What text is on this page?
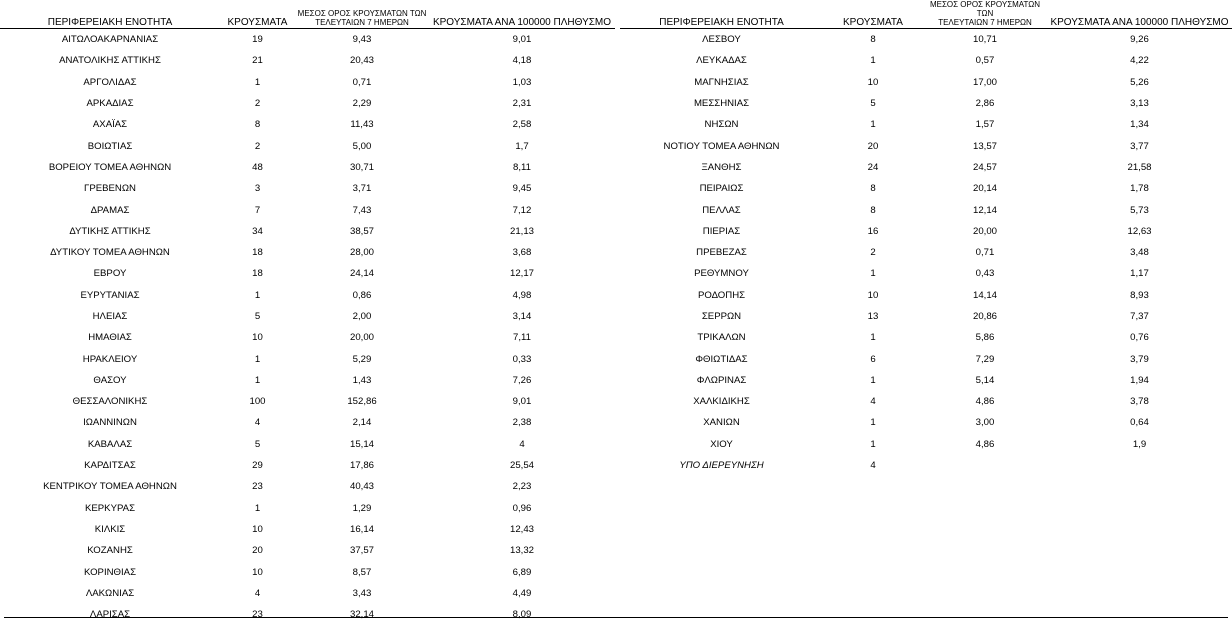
ΠΕΡΙΦΕΡΕΙΑΚΗ ΕΝΟΤΗΤΑ	ΚΡΟΥΣΜΑΤΑ	ΜΕΣΟΣ ΟΡΟΣ ΚΡΟΥΣΜΑΤΩΝ ΤΩΝ
ΤΕΛΕΥΤΑΙΩΝ 7 ΗΜΕΡΩΝ	ΚΡΟΥΣΜΑΤΑ ΑΝΑ 100000 ΠΛΗΘΥΣΜΟ
ΑΙΤΩΛΟΑΚΑΡΝΑΝΙΑΣ	19	9,43	9,01
ΑΝΑΤΟΛΙΚΗΣ ΑΤΤΙΚΗΣ	21	20,43	4,18
ΑΡΓΟΛΙΔΑΣ	1	0,71	1,03
ΑΡΚΑΔΙΑΣ	2	2,29	2,31
ΑΧΑΪΑΣ	8	11,43	2,58
ΒΟΙΩΤΙΑΣ	2	5,00	1,7
ΒΟΡΕΙΟΥ ΤΟΜΕΑ ΑΘΗΝΩΝ	48	30,71	8,11
ΓΡΕΒΕΝΩΝ	3	3,71	9,45
ΔΡΑΜΑΣ	7	7,43	7,12
ΔΥΤΙΚΗΣ ΑΤΤΙΚΗΣ	34	38,57	21,13
ΔΥΤΙΚΟΥ ΤΟΜΕΑ ΑΘΗΝΩΝ	18	28,00	3,68
ΕΒΡΟΥ	18	24,14	12,17
ΕΥΡΥΤΑΝΙΑΣ	1	0,86	4,98
ΗΛΕΙΑΣ	5	2,00	3,14
ΗΜΑΘΙΑΣ	10	20,00	7,11
ΗΡΑΚΛΕΙΟΥ	1	5,29	0,33
ΘΑΣΟΥ	1	1,43	7,26
ΘΕΣΣΑΛΟΝΙΚΗΣ	100	152,86	9,01
ΙΩΑΝΝΙΝΩΝ	4	2,14	2,38
ΚΑΒΑΛΑΣ	5	15,14	4
ΚΑΡΔΙΤΣΑΣ	29	17,86	25,54
ΚΕΝΤΡΙΚΟΥ ΤΟΜΕΑ ΑΘΗΝΩΝ	23	40,43	2,23
ΚΕΡΚΥΡΑΣ	1	1,29	0,96
ΚΙΛΚΙΣ	10	16,14	12,43
ΚΟΖΑΝΗΣ	20	37,57	13,32
ΚΟΡΙΝΘΙΑΣ	10	8,57	6,89
ΛΑΚΩΝΙΑΣ	4	3,43	4,49
ΛΑΡΙΣΑΣ	23	32,14	8,09
ΠΕΡΙΦΕΡΕΙΑΚΗ ΕΝΟΤΗΤΑ	ΚΡΟΥΣΜΑΤΑ	ΜΕΣΟΣ ΟΡΟΣ ΚΡΟΥΣΜΑΤΩΝ ΤΩΝ
ΤΕΛΕΥΤΑΙΩΝ 7 ΗΜΕΡΩΝ	ΚΡΟΥΣΜΑΤΑ ΑΝΑ 100000 ΠΛΗΘΥΣΜΟ
ΛΕΣΒΟΥ	8	10,71	9,26
ΛΕΥΚΑΔΑΣ	1	0,57	4,22
ΜΑΓΝΗΣΙΑΣ	10	17,00	5,26
ΜΕΣΣΗΝΙΑΣ	5	2,86	3,13
ΝΗΣΩΝ	1	1,57	1,34
ΝΟΤΙΟΥ ΤΟΜΕΑ ΑΘΗΝΩΝ	20	13,57	3,77
ΞΑΝΘΗΣ	24	24,57	21,58
ΠΕΙΡΑΙΩΣ	8	20,14	1,78
ΠΕΛΛΑΣ	8	12,14	5,73
ΠΙΕΡΙΑΣ	16	20,00	12,63
ΠΡΕΒΕΖΑΣ	2	0,71	3,48
ΡΕΘΥΜΝΟΥ	1	0,43	1,17
ΡΟΔΟΠΗΣ	10	14,14	8,93
ΣΕΡΡΩΝ	13	20,86	7,37
ΤΡΙΚΑΛΩΝ	1	5,86	0,76
ΦΘΙΩΤΙΔΑΣ	6	7,29	3,79
ΦΛΩΡΙΝΑΣ	1	5,14	1,94
ΧΑΛΚΙΔΙΚΗΣ	4	4,86	3,78
ΧΑΝΙΩΝ	1	3,00	0,64
ΧΙΟΥ	1	4,86	1,9
ΥΠΟ ΔΙΕΡΕΥΝΗΣΗ	4		
